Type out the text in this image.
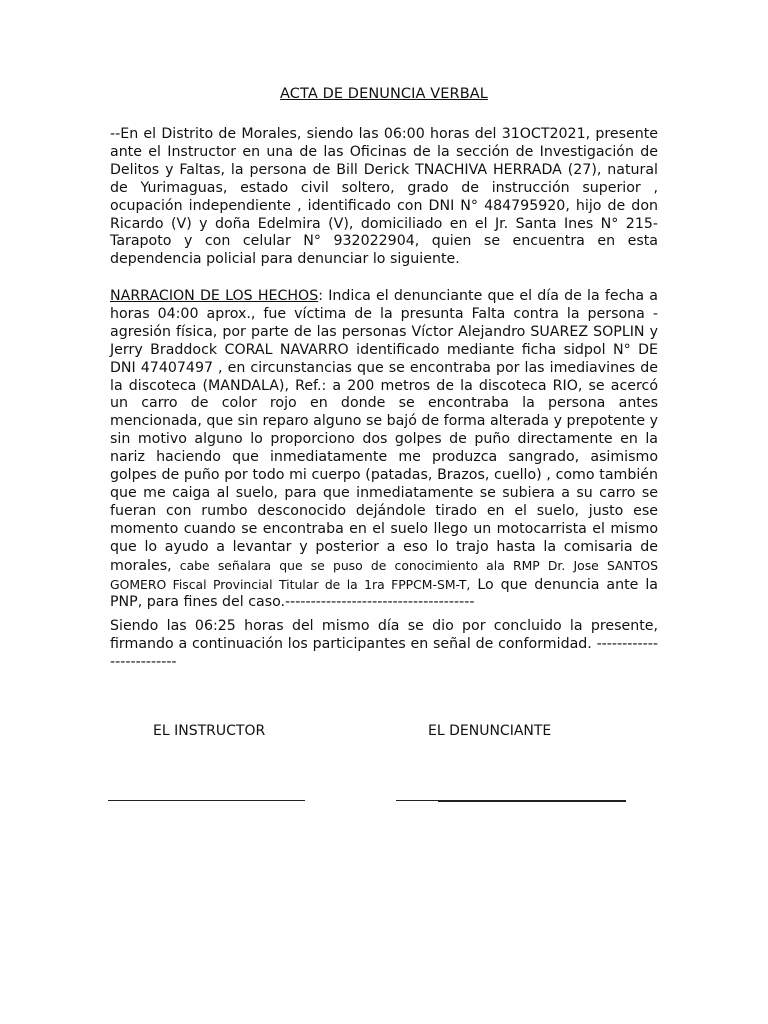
ACTA DE DENUNCIA VERBAL

--En el Distrito de Morales, siendo las 06:00 horas del 31OCT2021, presente ante el Instructor en una de las Oficinas de la sección de Investigación de Delitos y Faltas, la persona de Bill Derick TNACHIVA HERRADA (27), natural de Yurimaguas, estado civil soltero, grado de instrucción superior , ocupación independiente , identificado con DNI N° 484795920, hijo de don Ricardo (V) y doña Edelmira (V), domiciliado en el Jr. Santa Ines N° 215-Tarapoto y con celular N° 932022904, quien se encuentra en esta dependencia policial para denunciar lo siguiente.

NARRACION DE LOS HECHOS: Indica el denunciante que el día de la fecha a horas 04:00 aprox., fue víctima de la presunta Falta contra la persona - agresión física, por parte de las personas Víctor Alejandro SUAREZ SOPLIN y Jerry Braddock CORAL NAVARRO identificado mediante ficha sidpol N° DE DNI 47407497 , en circunstancias que se encontraba por las imediavines de la discoteca (MANDALA), Ref.: a 200 metros de la discoteca RIO, se acercó un carro de color rojo en donde se encontraba la persona antes mencionada, que sin reparo alguno se bajó de forma alterada y prepotente y sin motivo alguno lo proporciono dos golpes de puño directamente en la nariz haciendo que inmediatamente me produzca sangrado, asimismo golpes de puño por todo mi cuerpo (patadas, Brazos, cuello) , como también que me caiga al suelo, para que inmediatamente se subiera a su carro se fueran con rumbo desconocido dejándole tirado en el suelo, justo ese momento cuando se encontraba en el suelo llego un motocarrista el mismo que lo ayudo a levantar y posterior a eso lo trajo hasta la comisaria de morales, cabe señalara que se puso de conocimiento ala RMP Dr. Jose SANTOS GOMERO Fiscal Provincial Titular de la 1ra FPPCM-SM-T, Lo que denuncia ante la PNP, para fines del caso.-------------------------------------

Siendo las 06:25 horas del mismo día se dio por concluido la presente, firmando a continuación los participantes en señal de conformidad. -------------------------

EL INSTRUCTOR	EL DENUNCIANTE
